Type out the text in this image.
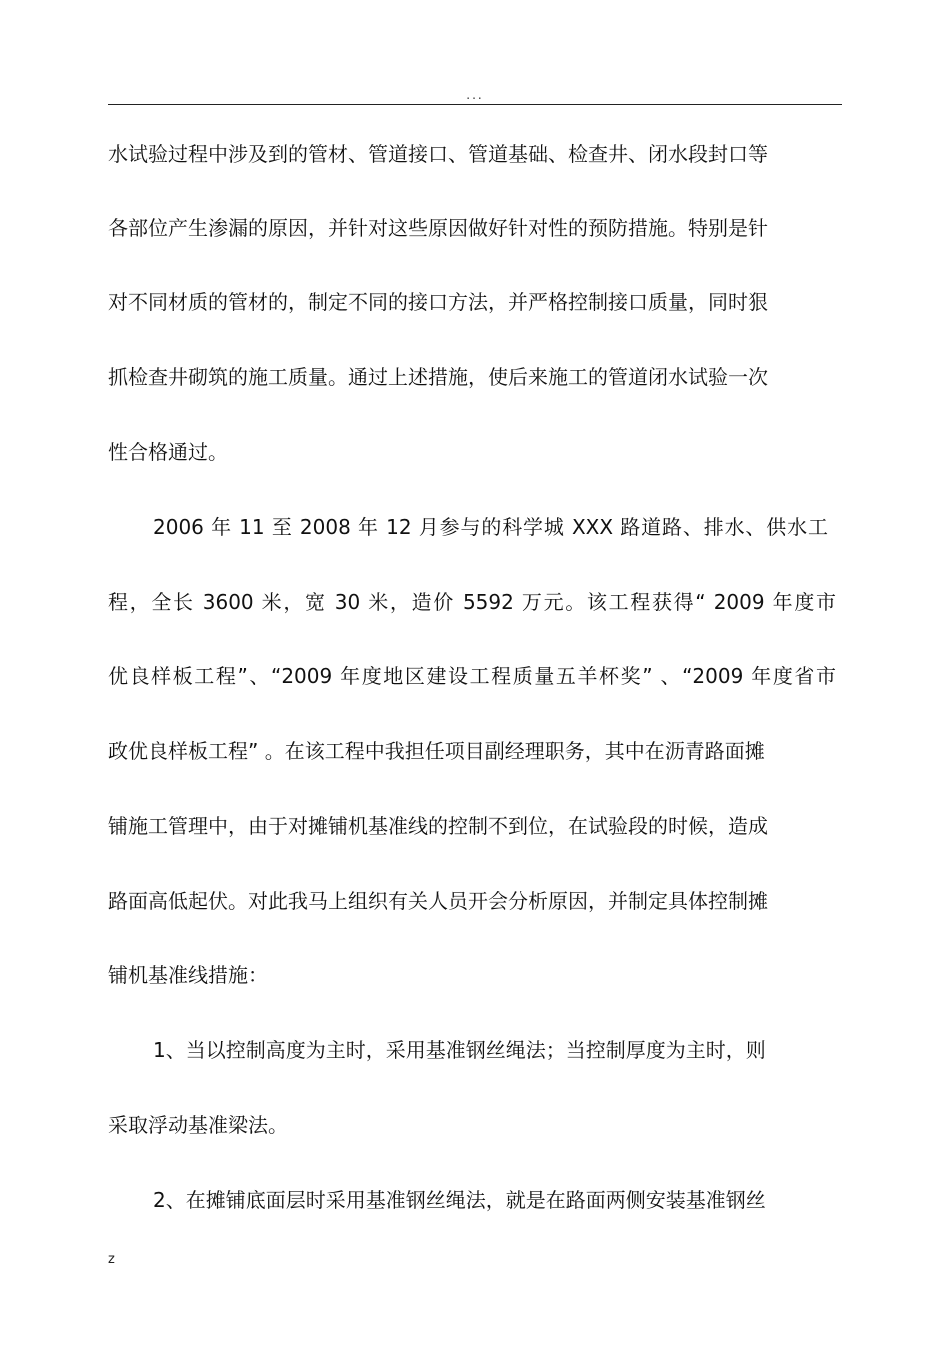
...
水试验过程中涉及到的管材、管道接口、管道基础、检查井、闭水段封口等
各部位产生渗漏的原因，并针对这些原因做好针对性的预防措施。特别是针
对不同材质的管材的，制定不同的接口方法，并严格控制接口质量，同时狠
抓检查井砌筑的施工质量。通过上述措施，使后来施工的管道闭水试验一次
性合格通过。
2006 年 11 至 2008 年 12 月参与的科学城 XXX 路道路、排水、供水工
程，全长 3600 米，宽 30 米，造价 5592 万元。该工程获得“ 2009 年度市
优良样板工程”、“2009 年度地区建设工程质量五羊杯奖” 、“2009 年度省市
政优良样板工程” 。在该工程中我担任项目副经理职务，其中在沥青路面摊
铺施工管理中，由于对摊铺机基准线的控制不到位，在试验段的时候，造成
路面高低起伏。对此我马上组织有关人员开会分析原因，并制定具体控制摊
铺机基准线措施：
1、当以控制高度为主时，采用基准钢丝绳法；当控制厚度为主时，则
采取浮动基准梁法。
2、在摊铺底面层时采用基准钢丝绳法，就是在路面两侧安装基准钢丝
z
